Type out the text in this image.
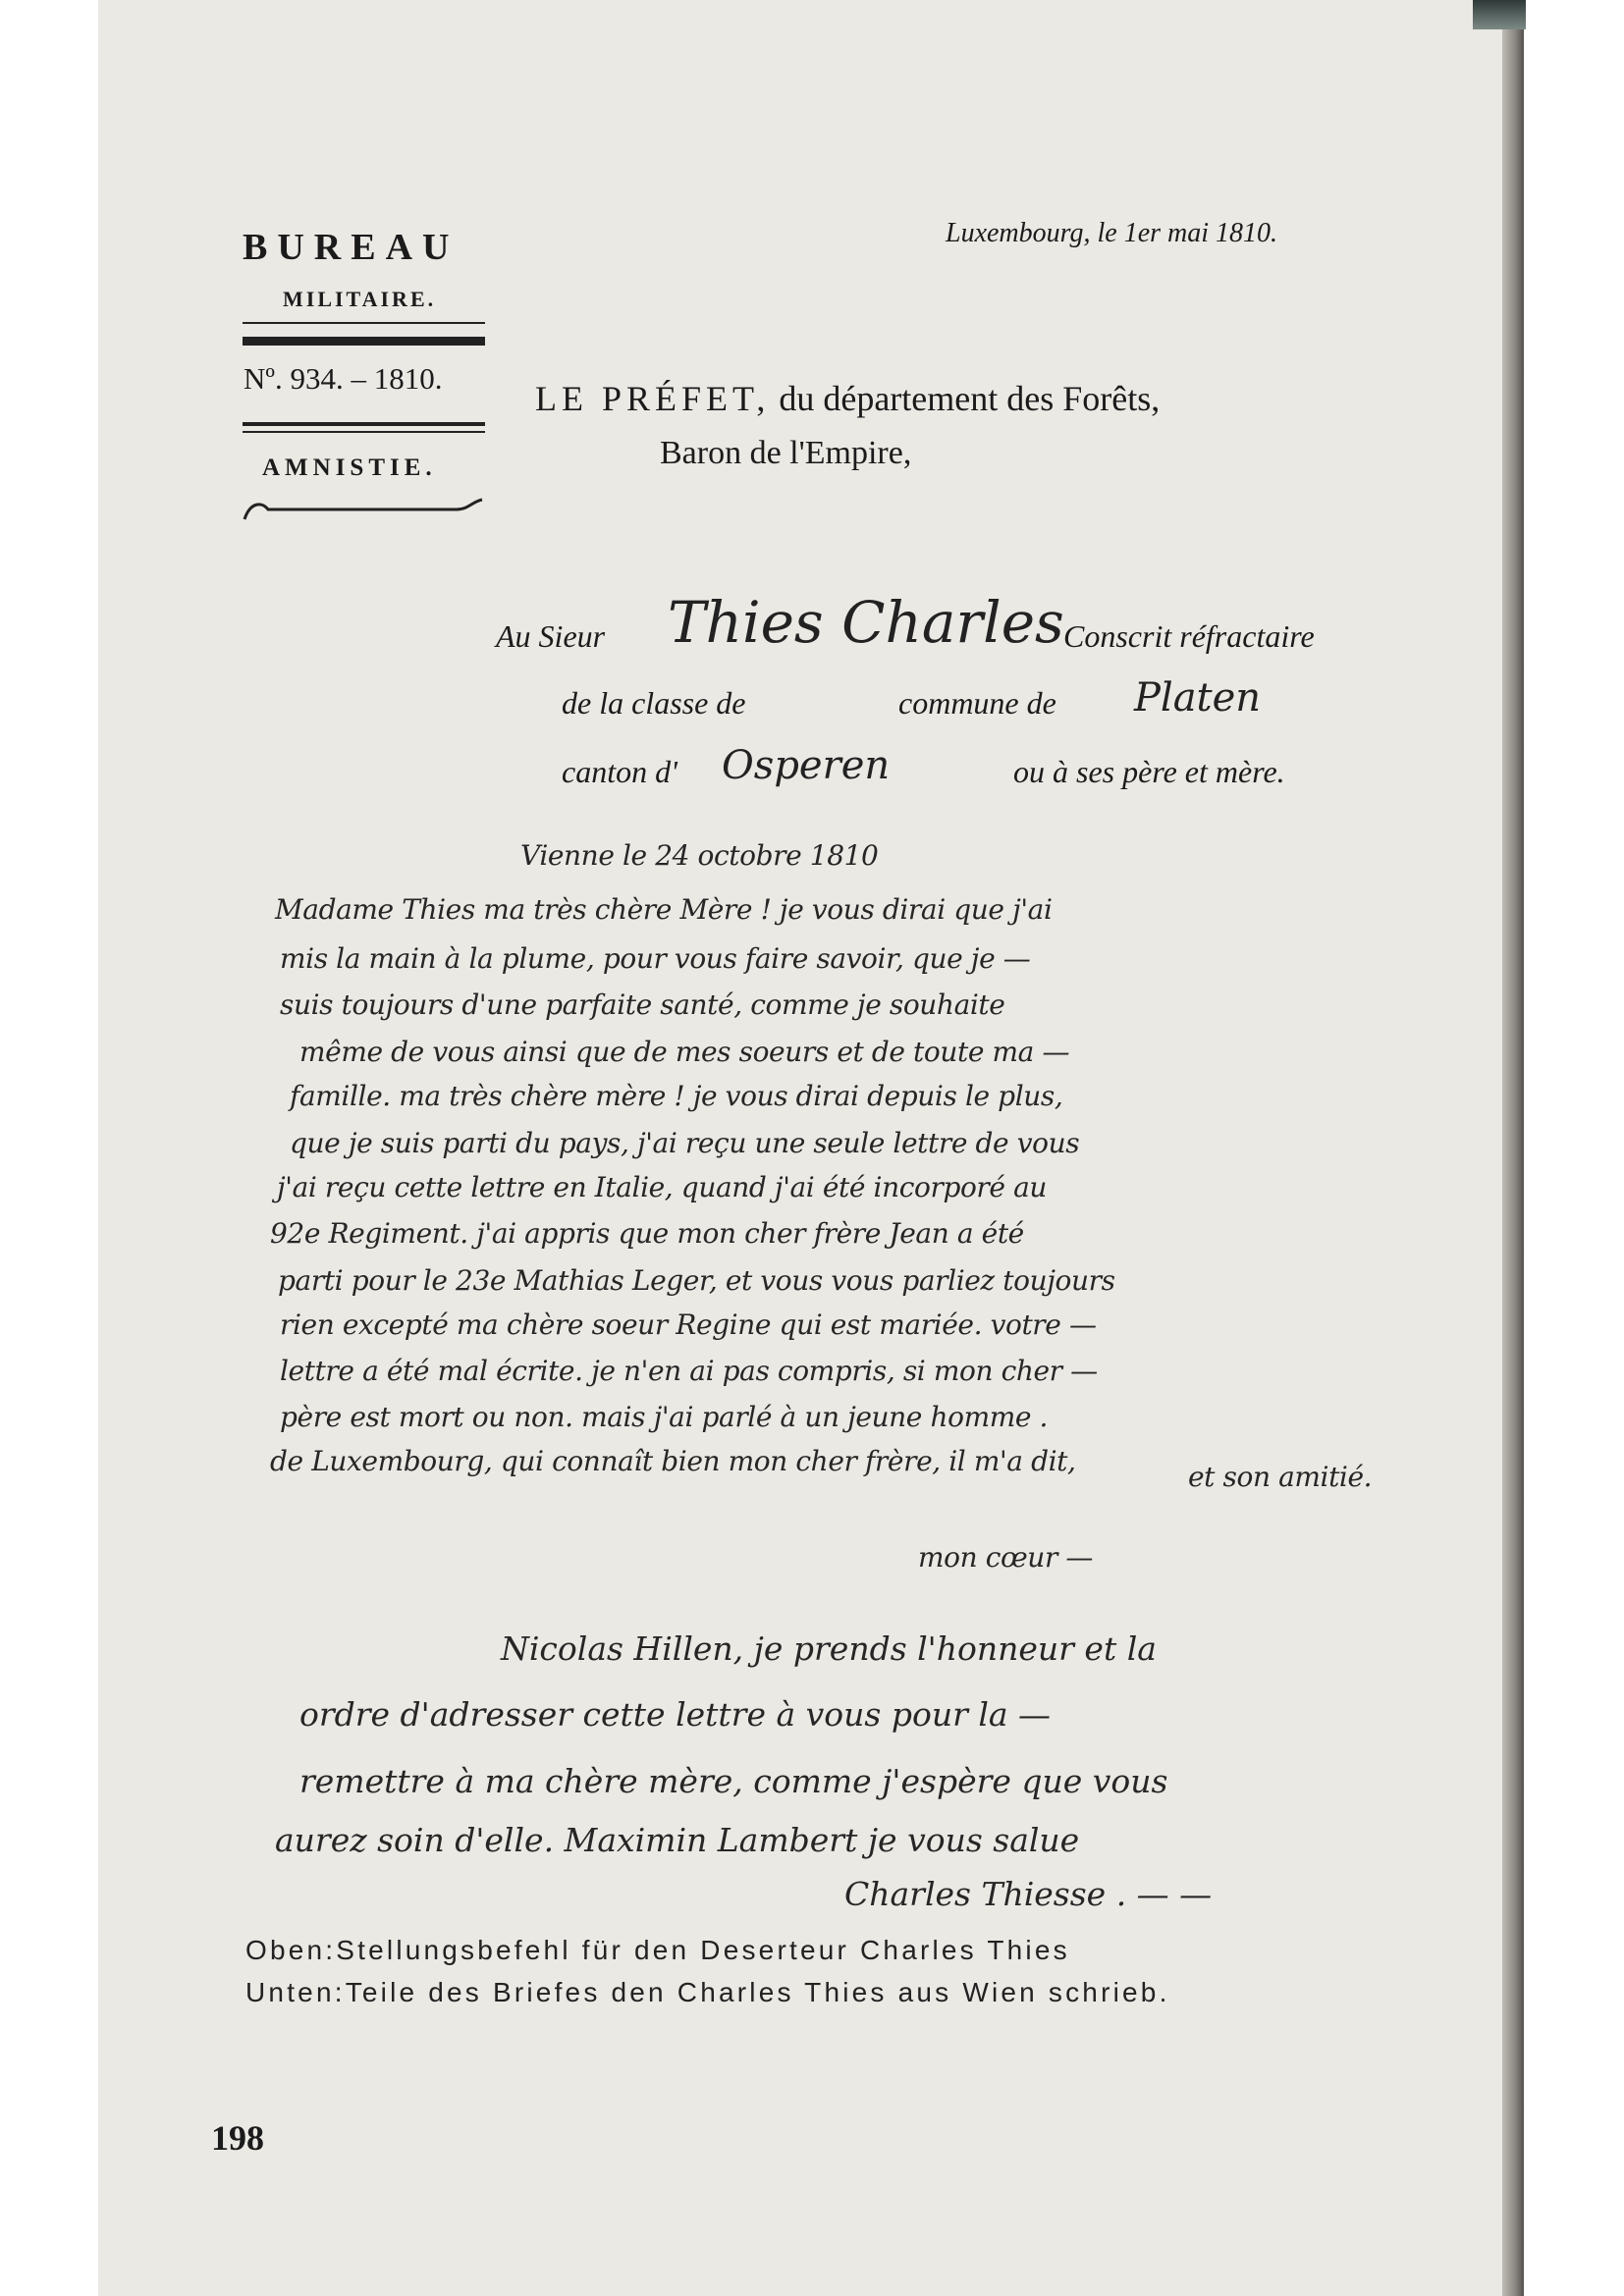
BUREAU
MILITAIRE.
Nº. 934. – 1810.
AMNISTIE.
Luxembourg, le 1er mai 1810.
LE PRÉFET, du département des Forêts,
Baron de l'Empire,
Au Sieur Thies Charles Conscrit réfractaire
de la classe de	commune de Platen
canton d' Osperen	ou à ses père et mère.
Vienne le 24 octobre 1810
Madame Thies ma très chère Mère ! je vous dirai que j'ai
mis la main à la plume, pour vous faire savoir, que je —
suis toujours d'une parfaite santé, comme je souhaite
même de vous ainsi que de mes soeurs et de toute ma —
famille. ma très chère mère ! je vous dirai depuis le plus,
que je suis parti du pays, j'ai reçu une seule lettre de vous
j'ai reçu cette lettre en Italie, quand j'ai été incorporé au
92e Regiment. j'ai appris que mon cher frère Jean a été
parti pour le 23e Mathias Leger, et vous vous parliez toujours
rien excepté ma chère soeur Regine qui est mariée. votre —
lettre a été mal écrite. je n'en ai pas compris, si mon cher —
père est mort ou non. mais j'ai parlé à un jeune homme .
de Luxembourg, qui connaît bien mon cher frère, il m'a dit,	et son amitié.
mon cœur —
Nicolas Hillen, je prends l'honneur et la
ordre d'adresser cette lettre à vous pour la —
remettre à ma chère mère, comme j'espère que vous
aurez soin d'elle. Maximin Lambert je vous salue
Charles Thiesse . — —
Oben:Stellungsbefehl für den Deserteur Charles Thies
Unten:Teile des Briefes den Charles Thies aus Wien schrieb.
198
